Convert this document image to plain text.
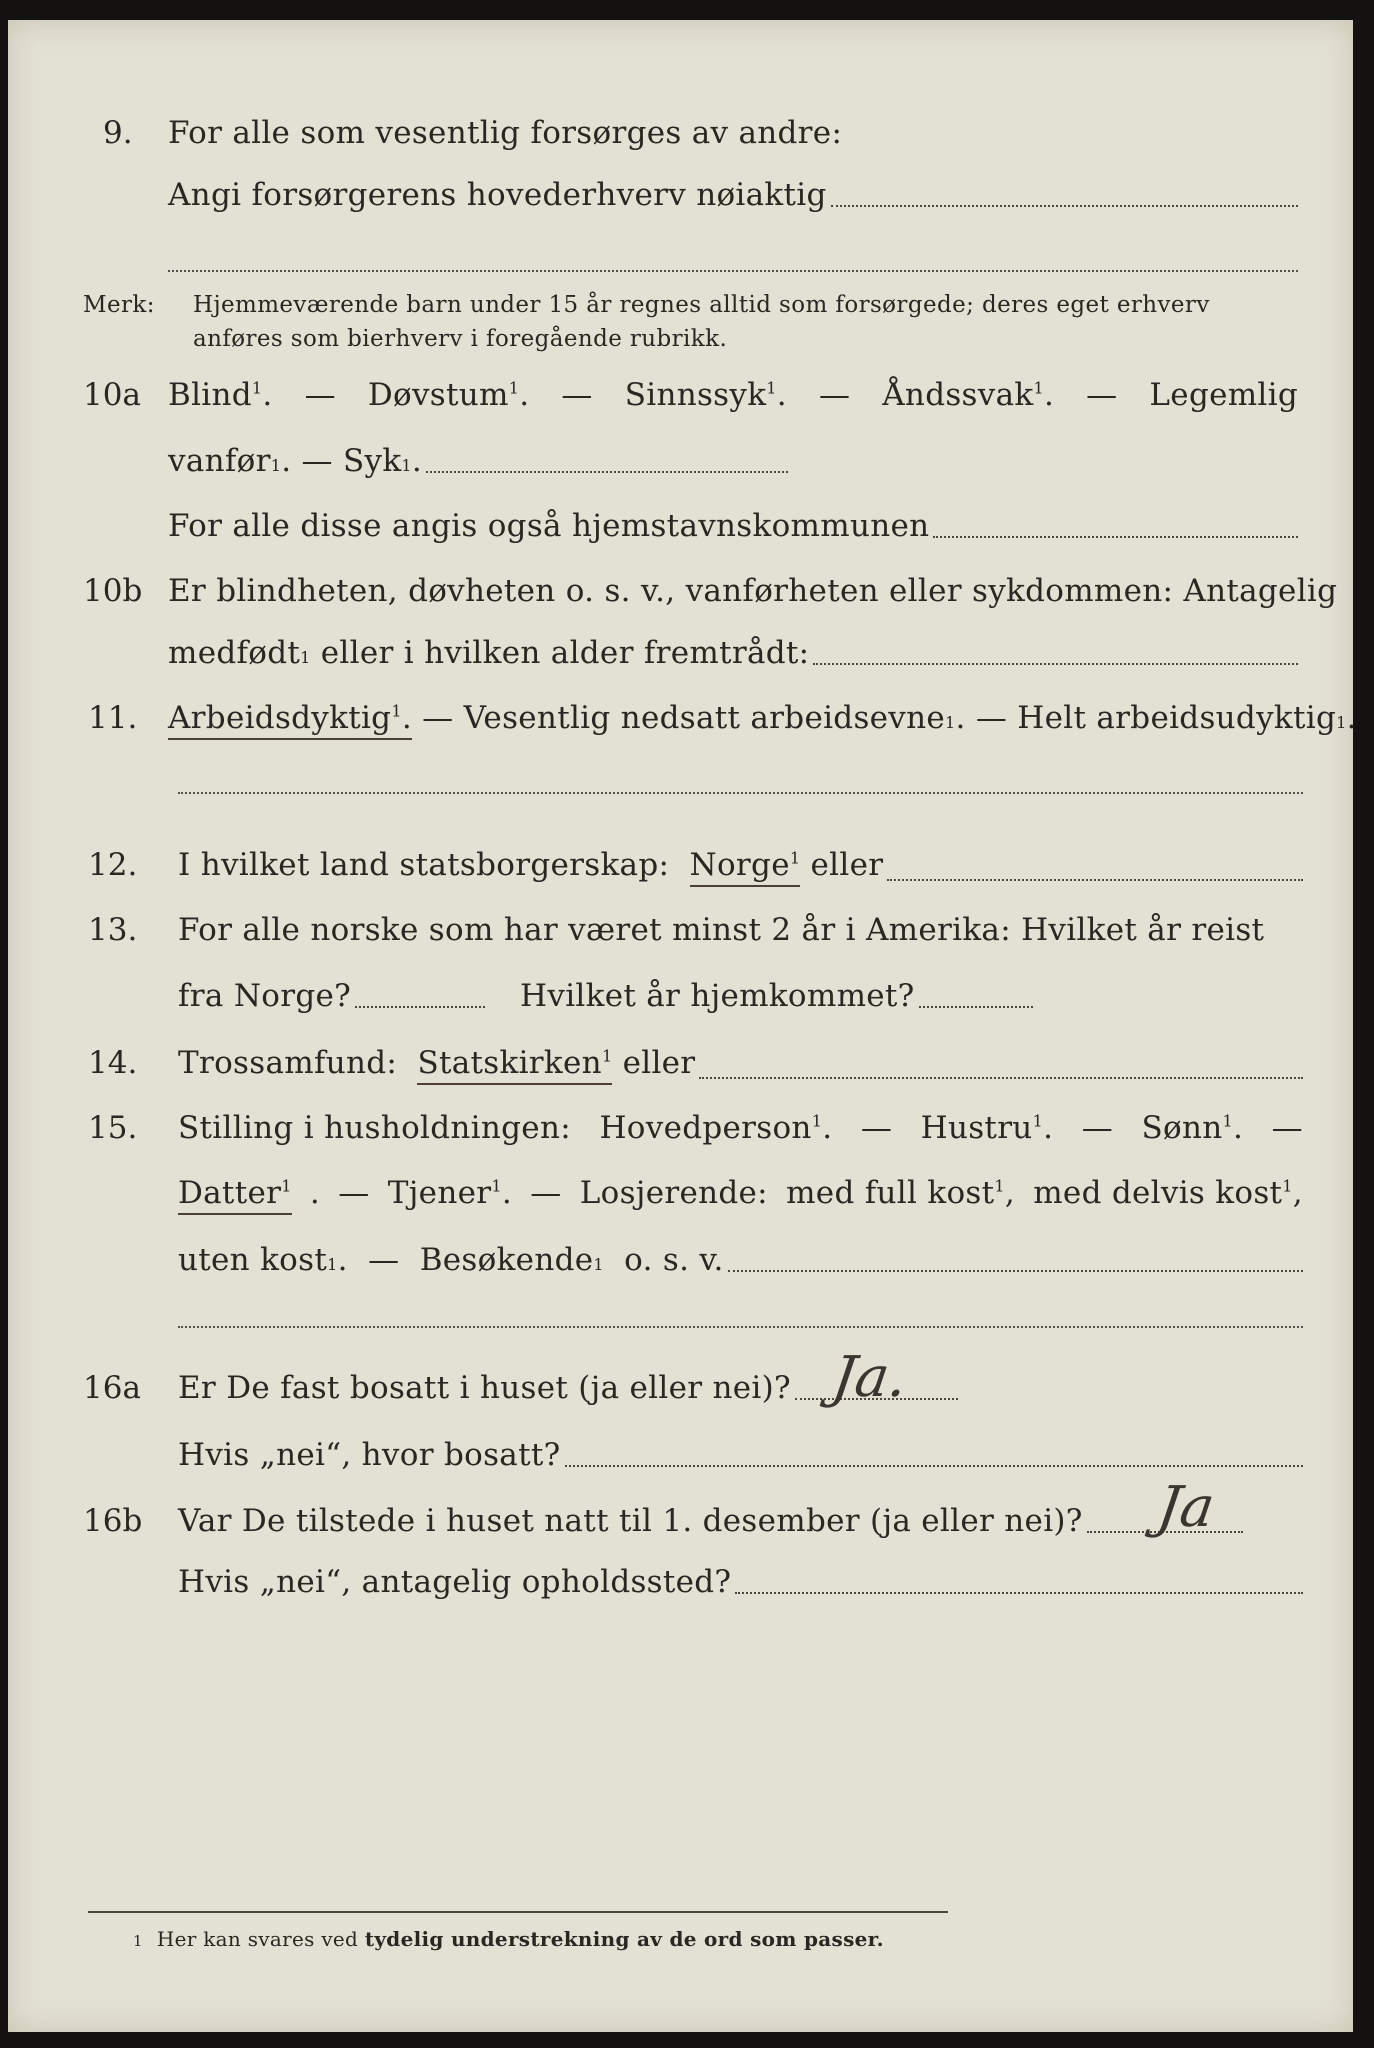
9. For alle som vesentlig forsørges av andre:
Angi forsørgerens hovederhverv nøiaktig
Merk: Hjemmeværende barn under 15 år regnes alltid som forsørgede; deres eget erhverv
anføres som bierhverv i foregående rubrikk.
10a Blind$^1$. — Døvstum$^1$. — Sinnssyk$^1$. — Åndssvak$^1$. — Legemlig
vanfør 1 . —
Syk 1 .
For alle disse angis også hjemstavnskommunen
10b Er blindheten, døvheten o. s. v., vanførheten eller sykdommen: Antagelig
medfødt 1
eller i hvilken alder fremtrådt:
11. Arbeidsdyktig$^1$.
—
Vesentlig nedsatt arbeidsevne 1 . —
Helt arbeidsudyktig 1 .
12. I hvilket land statsborgerskap:
Norge$^1$
eller
13. For alle norske som har været minst 2 år i Amerika: Hvilket år reist
fra Norge?	Hvilket år hjemkommet?
14. Trossamfund:
Statskirken$^1$
eller
15. Stilling i husholdningen: Hovedperson$^1$. — Hustru$^1$. — Sønn$^1$. —
Datter$^1$ . — Tjener$^1$. — Losjerende: med full kost$^1$, med delvis kost$^1$,
uten kost 1 . —
Besøkende 1
o. s. v.
16a Er De fast bosatt i huset (ja eller nei)? Ja.
Hvis „nei“, hvor bosatt?
16b Var De tilstede i huset natt til 1. desember (ja eller nei)? Ja
Hvis „nei“, antagelig opholdssted?
1 Her kan svares ved
tydelig understrekning av de ord som passer.
